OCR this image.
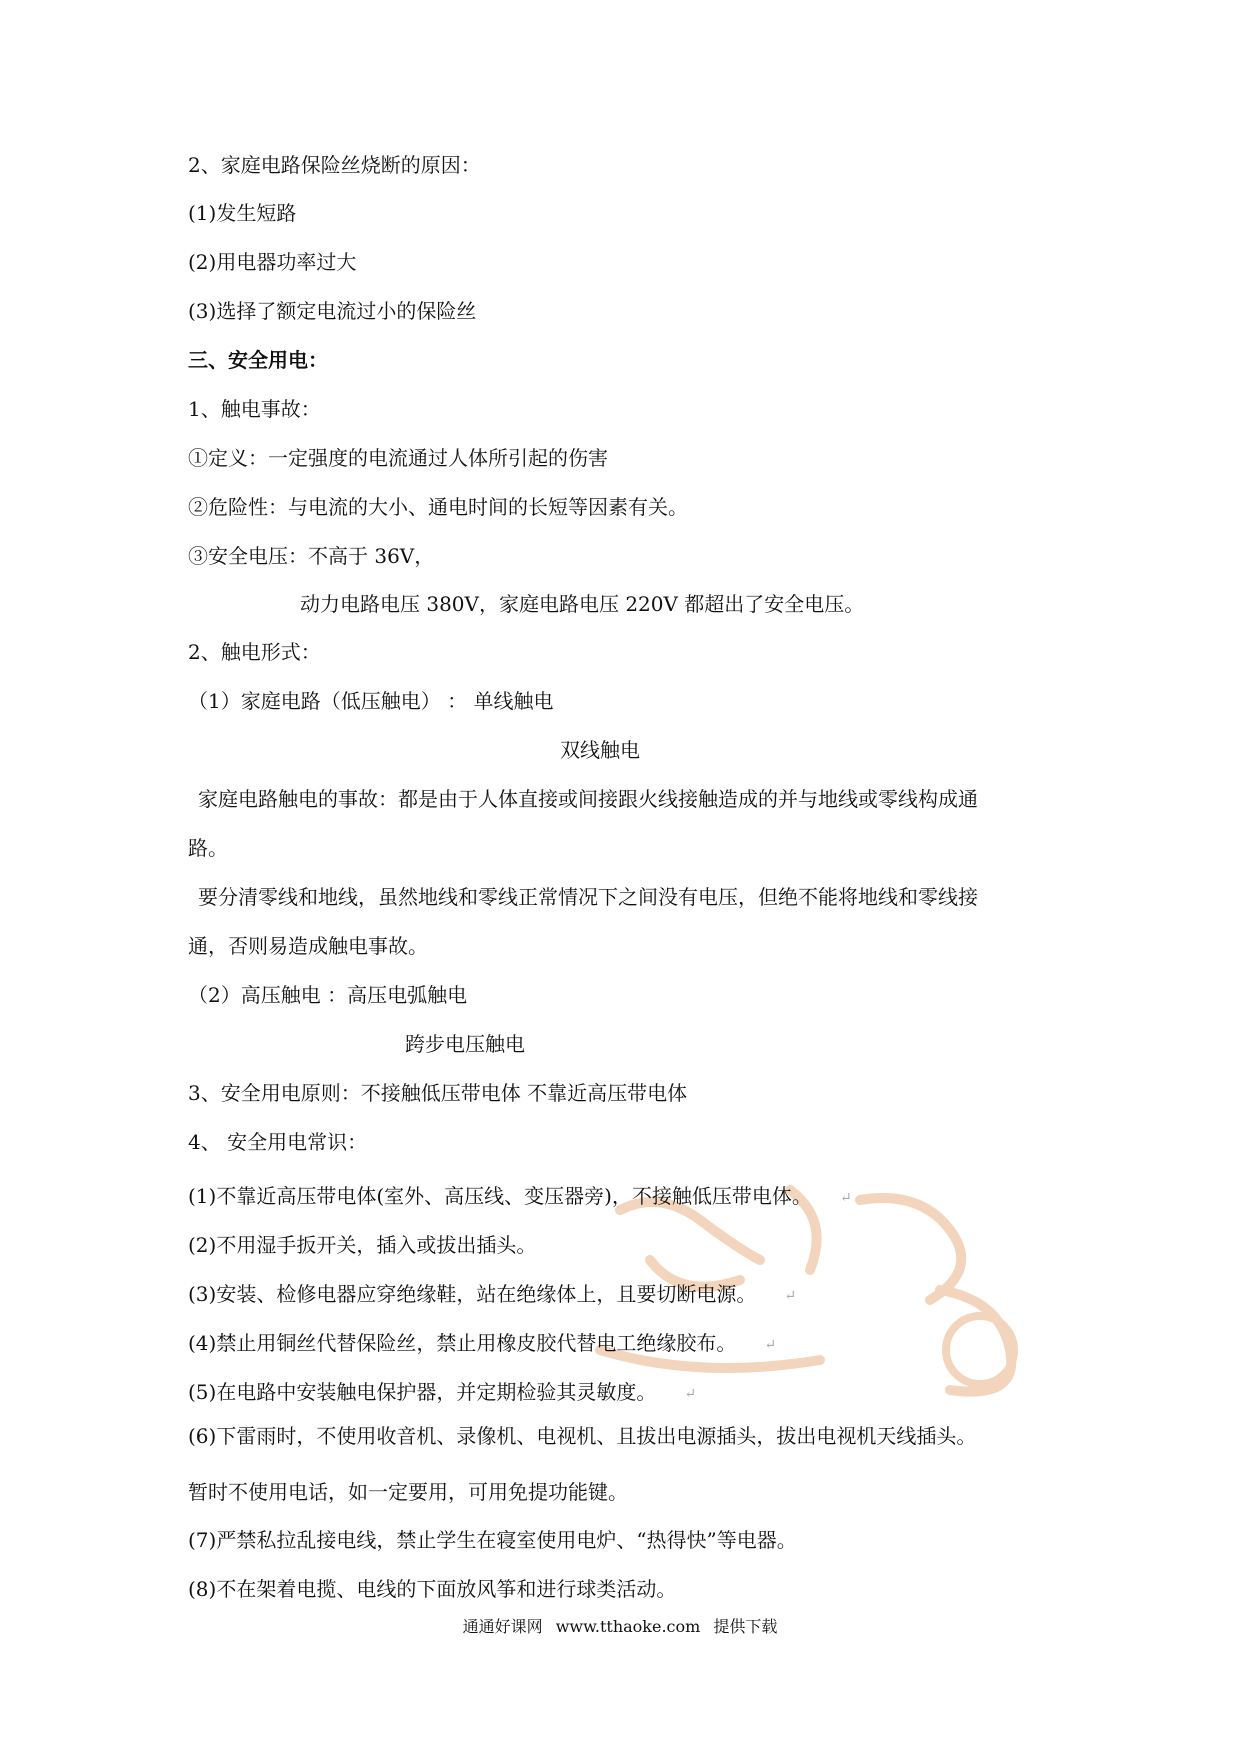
2、家庭电路保险丝烧断的原因：
(1)发生短路
(2)用电器功率过大
(3)选择了额定电流过小的保险丝
三、安全用电：
1、触电事故：
①定义：一定强度的电流通过人体所引起的伤害
②危险性：与电流的大小、通电时间的长短等因素有关。
③安全电压：不高于 36V，
动力电路电压 380V，家庭电路电压 220V 都超出了安全电压。
2、触电形式：
（1）家庭电路（低压触电） ： 单线触电
双线触电
家庭电路触电的事故：都是由于人体直接或间接跟火线接触造成的并与地线或零线构成通
路。
要分清零线和地线，虽然地线和零线正常情况下之间没有电压，但绝不能将地线和零线接
通，否则易造成触电事故。
（2）高压触电 ：高压电弧触电
跨步电压触电
3、安全用电原则：不接触低压带电体 不靠近高压带电体
4、 安全用电常识：
(1)不靠近高压带电体(室外、高压线、变压器旁)，不接触低压带电体。 ↵
(2)不用湿手扳开关，插入或拔出插头。
(3)安装、检修电器应穿绝缘鞋，站在绝缘体上，且要切断电源。 ↵
(4)禁止用铜丝代替保险丝，禁止用橡皮胶代替电工绝缘胶布。 ↵
(5)在电路中安装触电保护器，并定期检验其灵敏度。 ↵
(6)下雷雨时，不使用收音机、录像机、电视机、且拔出电源插头，拔出电视机天线插头。
暂时不使用电话，如一定要用，可用免提功能键。
(7)严禁私拉乱接电线，禁止学生在寝室使用电炉、“热得快”等电器。
(8)不在架着电揽、电线的下面放风筝和进行球类活动。
通通好课网 www.tthaoke.com 提供下载
